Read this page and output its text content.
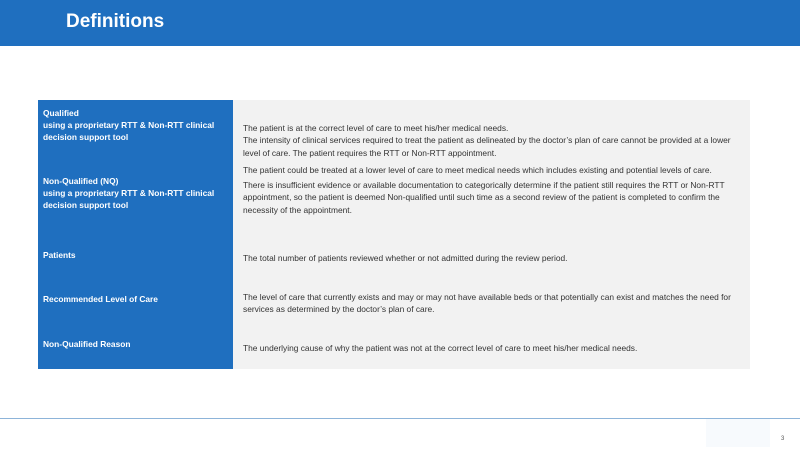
Definitions
Qualified
using a proprietary RTT & Non-RTT clinical
decision support tool
Non-Qualified (NQ)
using a proprietary RTT & Non-RTT clinical
decision support tool
Patients
Recommended Level of Care
Non-Qualified Reason

The patient is at the correct level of care to meet his/her medical needs.
The intensity of clinical services required to treat the patient as delineated by the doctor’s plan of care cannot be provided at a lower level of care. The patient requires the RTT or Non-RTT appointment.

The patient could be treated at a lower level of care to meet medical needs which includes existing and potential levels of care.

There is insufficient evidence or available documentation to categorically determine if the patient still requires the RTT or Non-RTT appointment, so the patient is deemed Non-qualified until such time as a second review of the patient is completed to confirm the necessity of the appointment.

The total number of patients reviewed whether or not admitted during the review period.

The level of care that currently exists and may or may not have available beds or that potentially can exist and matches the need for services as determined by the doctor’s plan of care.

The underlying cause of why the patient was not at the correct level of care to meet his/her medical needs.

3
